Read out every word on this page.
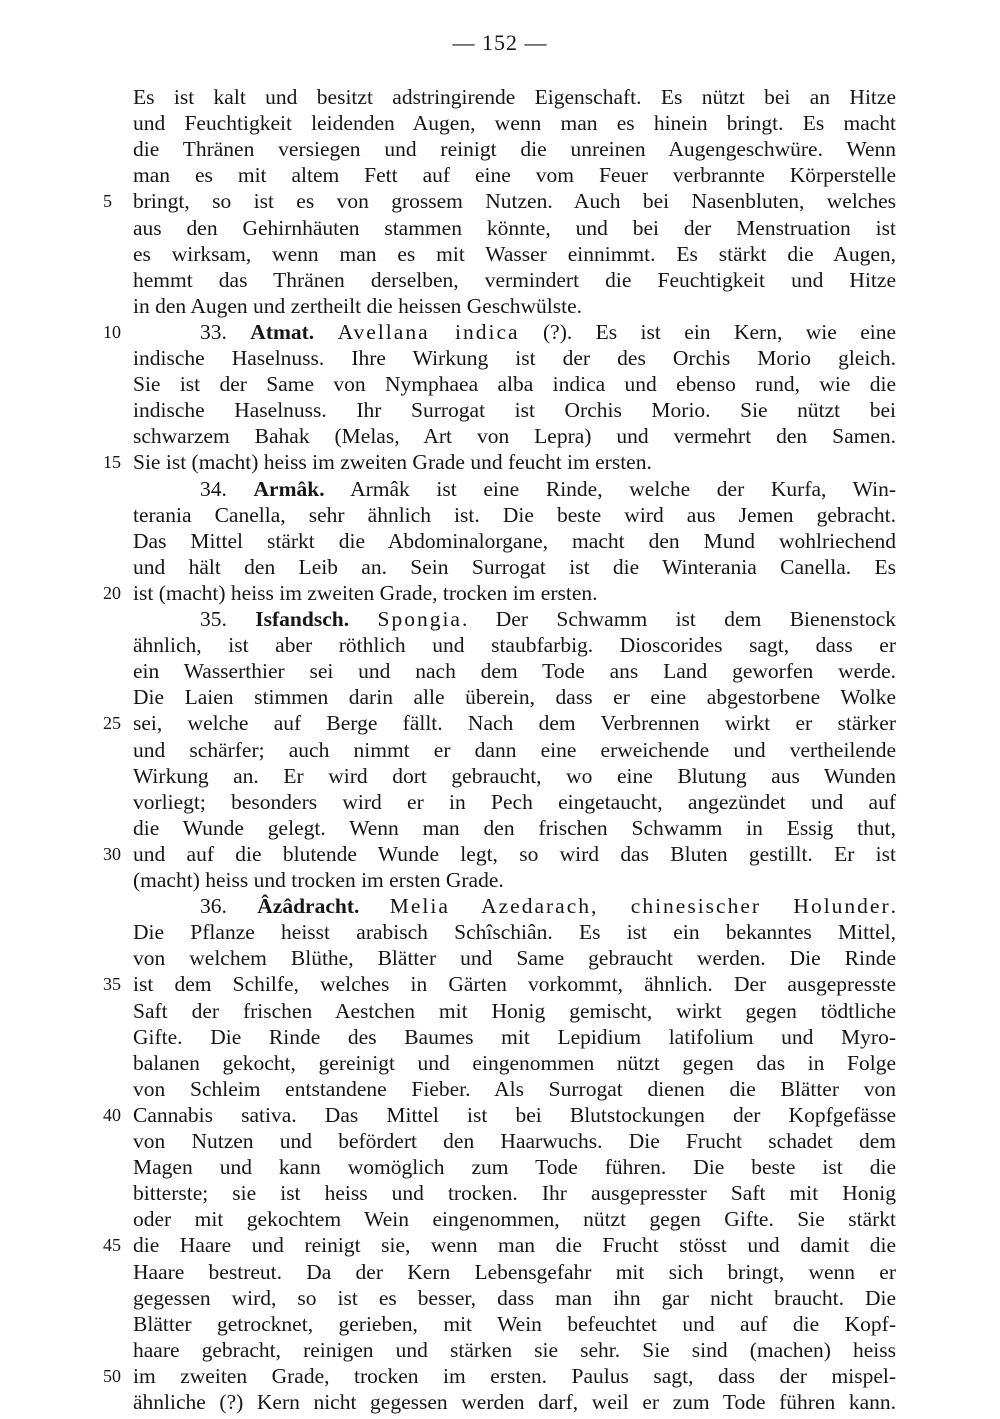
— 152 —
Es ist kalt und besitzt adstringirende Eigenschaft. Es nützt bei an Hitze
und Feuchtigkeit leidenden Augen, wenn man es hinein bringt. Es macht
die Thränen versiegen und reinigt die unreinen Augengeschwüre. Wenn
man es mit altem Fett auf eine vom Feuer verbrannte Körperstelle
5 bringt, so ist es von grossem Nutzen. Auch bei Nasenbluten, welches
aus den Gehirnhäuten stammen könnte, und bei der Menstruation ist
es wirksam, wenn man es mit Wasser einnimmt. Es stärkt die Augen,
hemmt das Thränen derselben, vermindert die Feuchtigkeit und Hitze
in den Augen und zertheilt die heissen Geschwülste.
10	33. Atmat. Avellana indica (?). Es ist ein Kern, wie eine
indische Haselnuss. Ihre Wirkung ist der des Orchis Morio gleich.
Sie ist der Same von Nymphaea alba indica und ebenso rund, wie die
indische Haselnuss. Ihr Surrogat ist Orchis Morio. Sie nützt bei
schwarzem Bahak (Melas, Art von Lepra) und vermehrt den Samen.
15 Sie ist (macht) heiss im zweiten Grade und feucht im ersten.
34. Armâk. Armâk ist eine Rinde, welche der Kurfa, Win-
terania Canella, sehr ähnlich ist. Die beste wird aus Jemen gebracht.
Das Mittel stärkt die Abdominalorgane, macht den Mund wohlriechend
und hält den Leib an. Sein Surrogat ist die Winterania Canella. Es
20 ist (macht) heiss im zweiten Grade, trocken im ersten.
35. Isfandsch. Spongia. Der Schwamm ist dem Bienenstock
ähnlich, ist aber röthlich und staubfarbig. Dioscorides sagt, dass er
ein Wasserthier sei und nach dem Tode ans Land geworfen werde.
Die Laien stimmen darin alle überein, dass er eine abgestorbene Wolke
25 sei, welche auf Berge fällt. Nach dem Verbrennen wirkt er stärker
und schärfer; auch nimmt er dann eine erweichende und vertheilende
Wirkung an. Er wird dort gebraucht, wo eine Blutung aus Wunden
vorliegt; besonders wird er in Pech eingetaucht, angezündet und auf
die Wunde gelegt. Wenn man den frischen Schwamm in Essig thut,
30 und auf die blutende Wunde legt, so wird das Bluten gestillt. Er ist
(macht) heiss und trocken im ersten Grade.
36. Âzâdracht. Melia Azedarach, chinesischer Holunder.
Die Pflanze heisst arabisch Schîschiân. Es ist ein bekanntes Mittel,
von welchem Blüthe, Blätter und Same gebraucht werden. Die Rinde
35 ist dem Schilfe, welches in Gärten vorkommt, ähnlich. Der ausgepresste
Saft der frischen Aestchen mit Honig gemischt, wirkt gegen tödtliche
Gifte. Die Rinde des Baumes mit Lepidium latifolium und Myro-
balanen gekocht, gereinigt und eingenommen nützt gegen das in Folge
von Schleim entstandene Fieber. Als Surrogat dienen die Blätter von
40 Cannabis sativa. Das Mittel ist bei Blutstockungen der Kopfgefässe
von Nutzen und befördert den Haarwuchs. Die Frucht schadet dem
Magen und kann womöglich zum Tode führen. Die beste ist die
bitterste; sie ist heiss und trocken. Ihr ausgepresster Saft mit Honig
oder mit gekochtem Wein eingenommen, nützt gegen Gifte. Sie stärkt
45 die Haare und reinigt sie, wenn man die Frucht stösst und damit die
Haare bestreut. Da der Kern Lebensgefahr mit sich bringt, wenn er
gegessen wird, so ist es besser, dass man ihn gar nicht braucht. Die
Blätter getrocknet, gerieben, mit Wein befeuchtet und auf die Kopf-
haare gebracht, reinigen und stärken sie sehr. Sie sind (machen) heiss
50 im zweiten Grade, trocken im ersten. Paulus sagt, dass der mispel-
ähnliche (?) Kern nicht gegessen werden darf, weil er zum Tode führen kann.
